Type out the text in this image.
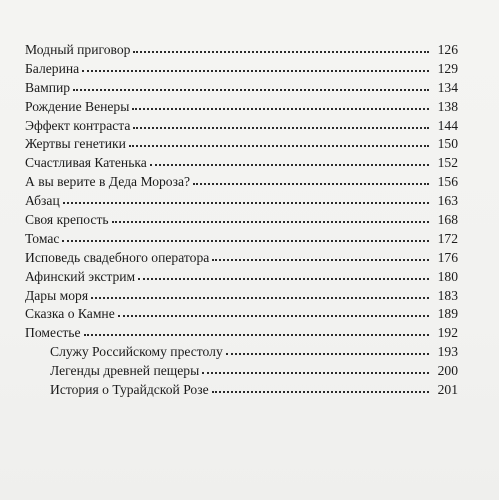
Модный приговор	126
Балерина	129
Вампир	134
Рождение Венеры	138
Эффект контраста	144
Жертвы генетики	150
Счастливая Катенька	152
А вы верите в Деда Мороза?	156
Абзац	163
Своя крепость	168
Томас	172
Исповедь свадебного оператора	176
Афинский экстрим	180
Дары моря	183
Сказка о Камне	189
Поместье	192
Служу Российскому престолу	193
Легенды древней пещеры	200
История о Турайдской Розе	201
